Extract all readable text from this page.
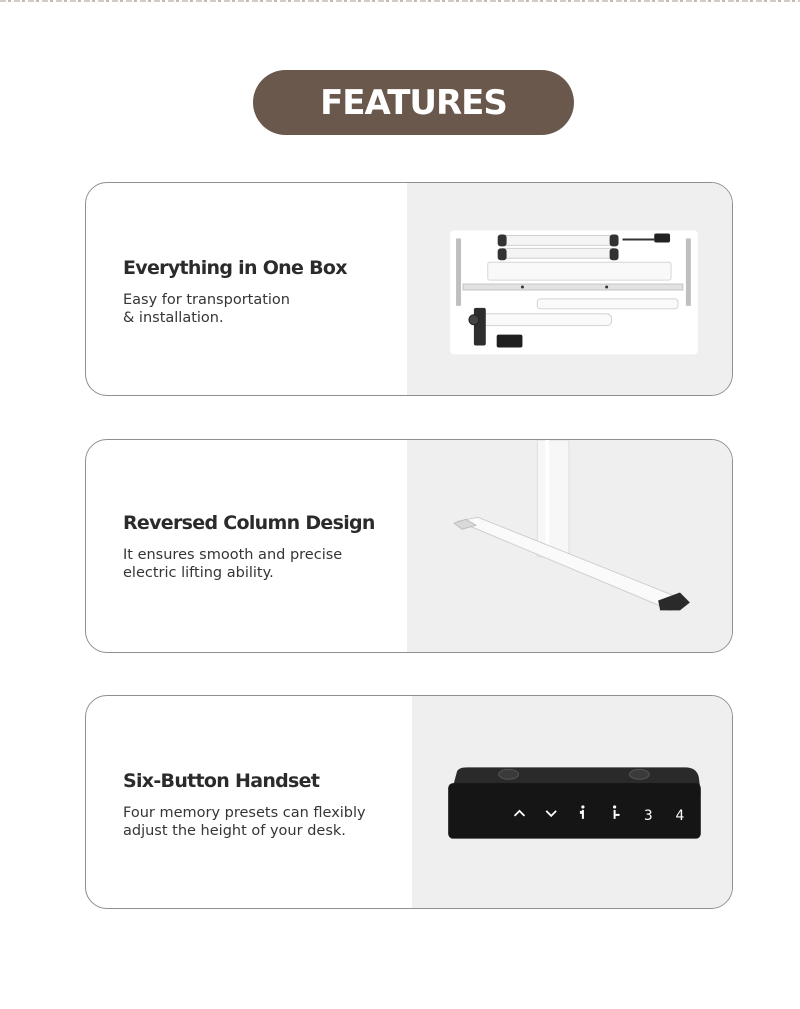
FEATURES
Everything in One Box
Easy for transportation
& installation.
Reversed Column Design
It ensures smooth and precise
electric lifting ability.
Six-Button Handset
Four memory presets can flexibly
adjust the height of your desk.
3 4
